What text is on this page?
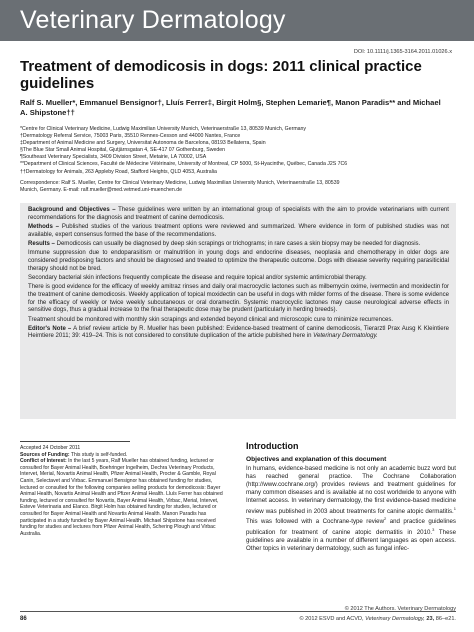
Veterinary Dermatology
DOI: 10.1111/j.1365-3164.2011.01026.x
Treatment of demodicosis in dogs: 2011 clinical practice guidelines
Ralf S. Mueller*, Emmanuel Bensignor†, Lluís Ferrer‡, Birgit Holm§, Stephen Lemarie¶, Manon Paradis** and Michael A. Shipstone††

*Centre for Clinical Veterinary Medicine, Ludwig Maximilian University Munich, Veterinaerstraße 13, 80539 Munich, Germany

†Dermatology Referral Service, 75003 Paris, 35510 Rennes-Cesson and 44000 Nantes, France

‡Department of Animal Medicine and Surgery, Universitat Autonoma de Barcelona, 08193 Bellaterra, Spain

§The Blue Star Small Animal Hospital, Gjutjärnsgatan 4, SE-417 07 Gothenburg, Sweden

¶Southeast Veterinary Specialists, 3409 Division Street, Metairie, LA 70002, USA

**Department of Clinical Sciences, Faculté de Médecine Vétérinaire, University of Montreal, CP 5000, St-Hyacinthe, Québec, Canada J2S 7C6

††Dermatology for Animals, 263 Appleby Road, Stafford Heights, QLD 4053, Australia

Correspondence: Ralf S. Mueller, Centre for Clinical Veterinary Medicine, Ludwig Maximilian University Munich, Veterinaerstraße 13, 80539

Munich, Germany. E-mail: ralf.mueller@med.vetmed.uni-muenchen.de

Background and Objectives – These guidelines were written by an international group of specialists with the aim to provide veterinarians with current recommendations for the diagnosis and treatment of canine demodicosis.

Methods – Published studies of the various treatment options were reviewed and summarized. Where evidence in form of published studies was not available, expert consensus formed the base of the recommendations.

Results – Demodicosis can usually be diagnosed by deep skin scrapings or trichograms; in rare cases a skin biopsy may be needed for diagnosis.

Immune suppression due to endoparasitism or malnutrition in young dogs and endocrine diseases, neoplasia and chemotherapy in older dogs are considered predisposing factors and should be diagnosed and treated to optimize the therapeutic outcome. Dogs with disease severity requiring parasiticidal therapy should not be bred.

Secondary bacterial skin infections frequently complicate the disease and require topical and/or systemic antimicrobial therapy.

There is good evidence for the efficacy of weekly amitraz rinses and daily oral macrocyclic lactones such as milbemycin oxime, ivermectin and moxidectin for the treatment of canine demodicosis. Weekly application of topical moxidectin can be useful in dogs with milder forms of the disease. There is some evidence for the efficacy of weekly or twice weekly subcutaneous or oral doramectin. Systemic macrocyclic lactones may cause neurological adverse effects in sensitive dogs, thus a gradual increase to the final therapeutic dose may be prudent (particularly in herding breeds).

Treatment should be monitored with monthly skin scrapings and extended beyond clinical and microscopic cure to minimize recurrences.

Editor's Note – A brief review article by R. Mueller has been published: Evidence-based treatment of canine demodicosis, Tierarztl Prax Ausg K Kleintiere Heimtiere 2011; 39: 419–24. This is not considered to constitute duplication of the article published here in Veterinary Dermatology.

Accepted 24 October 2011

Sources of Funding: This study is self-funded.

Conflict of Interest: In the last 5 years, Ralf Mueller has obtained funding, lectured or consulted for Bayer Animal Health, Boehringer Ingelheim, Dechra Veterinary Products, Intervet, Merial, Novartis Animal Health, Pfizer Animal Health, Procter & Gamble, Royal Canin, Selectavet and Virbac. Emmanuel Bensignor has obtained funding for studies, lectured or consulted for the following companies selling products for demodicosis: Bayer Animal Health, Novartis Animal Health and Pfizer Animal Health. Lluís Ferrer has obtained funding, lectured or consulted for Novartis, Bayer Animal Health, Virbac, Merial, Intervet, Esteve Veterinaria and Elanco. Birgit Holm has obtained funding for studies, lectured or consulted for Bayer Animal Health and Novartis Animal Health. Manon Paradis has participated in a study funded by Bayer Animal Health. Michael Shipstone has received funding for studies and lectures from Pfizer Animal Health, Schering Plough and Virbac Australia.

Introduction
Objectives and explanation of this document

In humans, evidence-based medicine is not only an academic buzz word but has reached general practice. The Cochrane Collaboration (http://www.cochrane.org/) provides reviews and treatment guidelines for many common diseases and is available at no cost worldwide to anyone with Internet access. In veterinary dermatology, the first evidence-based medicine review was published in 2003 about treatments for canine atopic dermatitis.$^1$ This was followed with a Cochrane-type review$^2$ and practice guidelines publication for treatment of canine atopic dermatitis in 2010.$^3$ These guidelines are available in a number of different languages as open access. Other topics in veterinary dermatology, such as fungal infec-

© 2012 The Authors. Veterinary Dermatology
86	© 2012 ESVD and ACVD, Veterinary Dermatology, 23, 86–e21.
